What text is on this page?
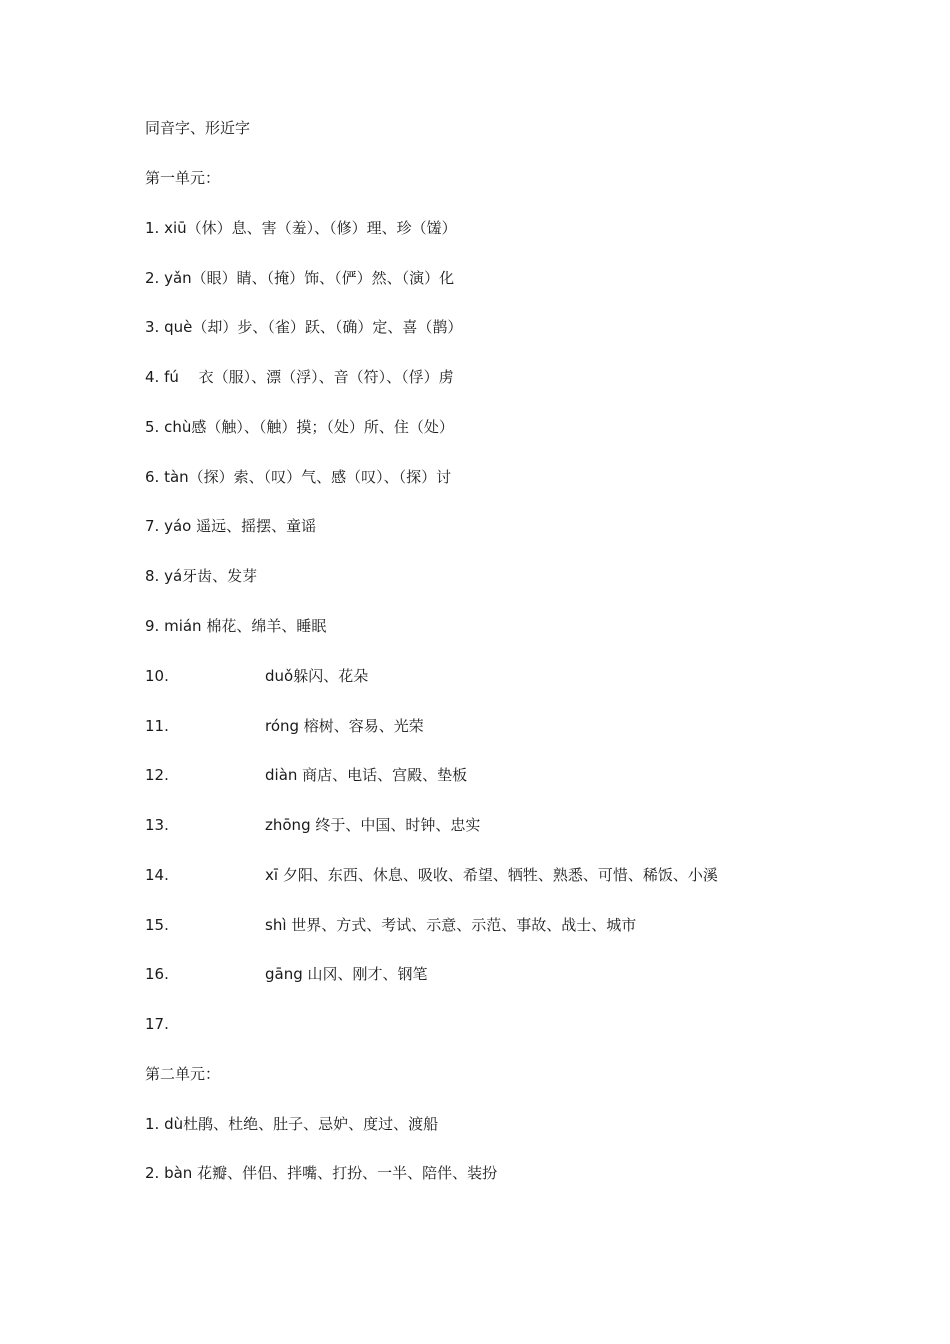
同音字、形近字
第一单元：
1. xiū（休）息、害（羞）、（修）理、珍（馐）
2. yǎn（眼）睛、（掩）饰、（俨）然、（演）化
3. què（却）步、（雀）跃、（确）定、喜（鹊）
4. fú　 衣（服）、漂（浮）、音（符）、（俘）虏
5. chù感（触）、（触）摸；（处）所、住（处）
6. tàn（探）索、（叹）气、感（叹）、（探）讨
7. yáo 遥远、摇摆、童谣
8. yá牙齿、发芽
9. mián 棉花、绵羊、睡眠
10.	duǒ躲闪、花朵
11.	róng 榕树、容易、光荣
12.	diàn 商店、电话、宫殿、垫板
13.	zhōng 终于、中国、时钟、忠实
14.	xī 夕阳、东西、休息、吸收、希望、牺牲、熟悉、可惜、稀饭、小溪
15.	shì 世界、方式、考试、示意、示范、事故、战士、城市
16.	gāng 山冈、刚才、钢笔
17.
第二单元：
1. dù杜鹃、杜绝、肚子、忌妒、度过、渡船
2. bàn 花瓣、伴侣、拌嘴、打扮、一半、陪伴、装扮
